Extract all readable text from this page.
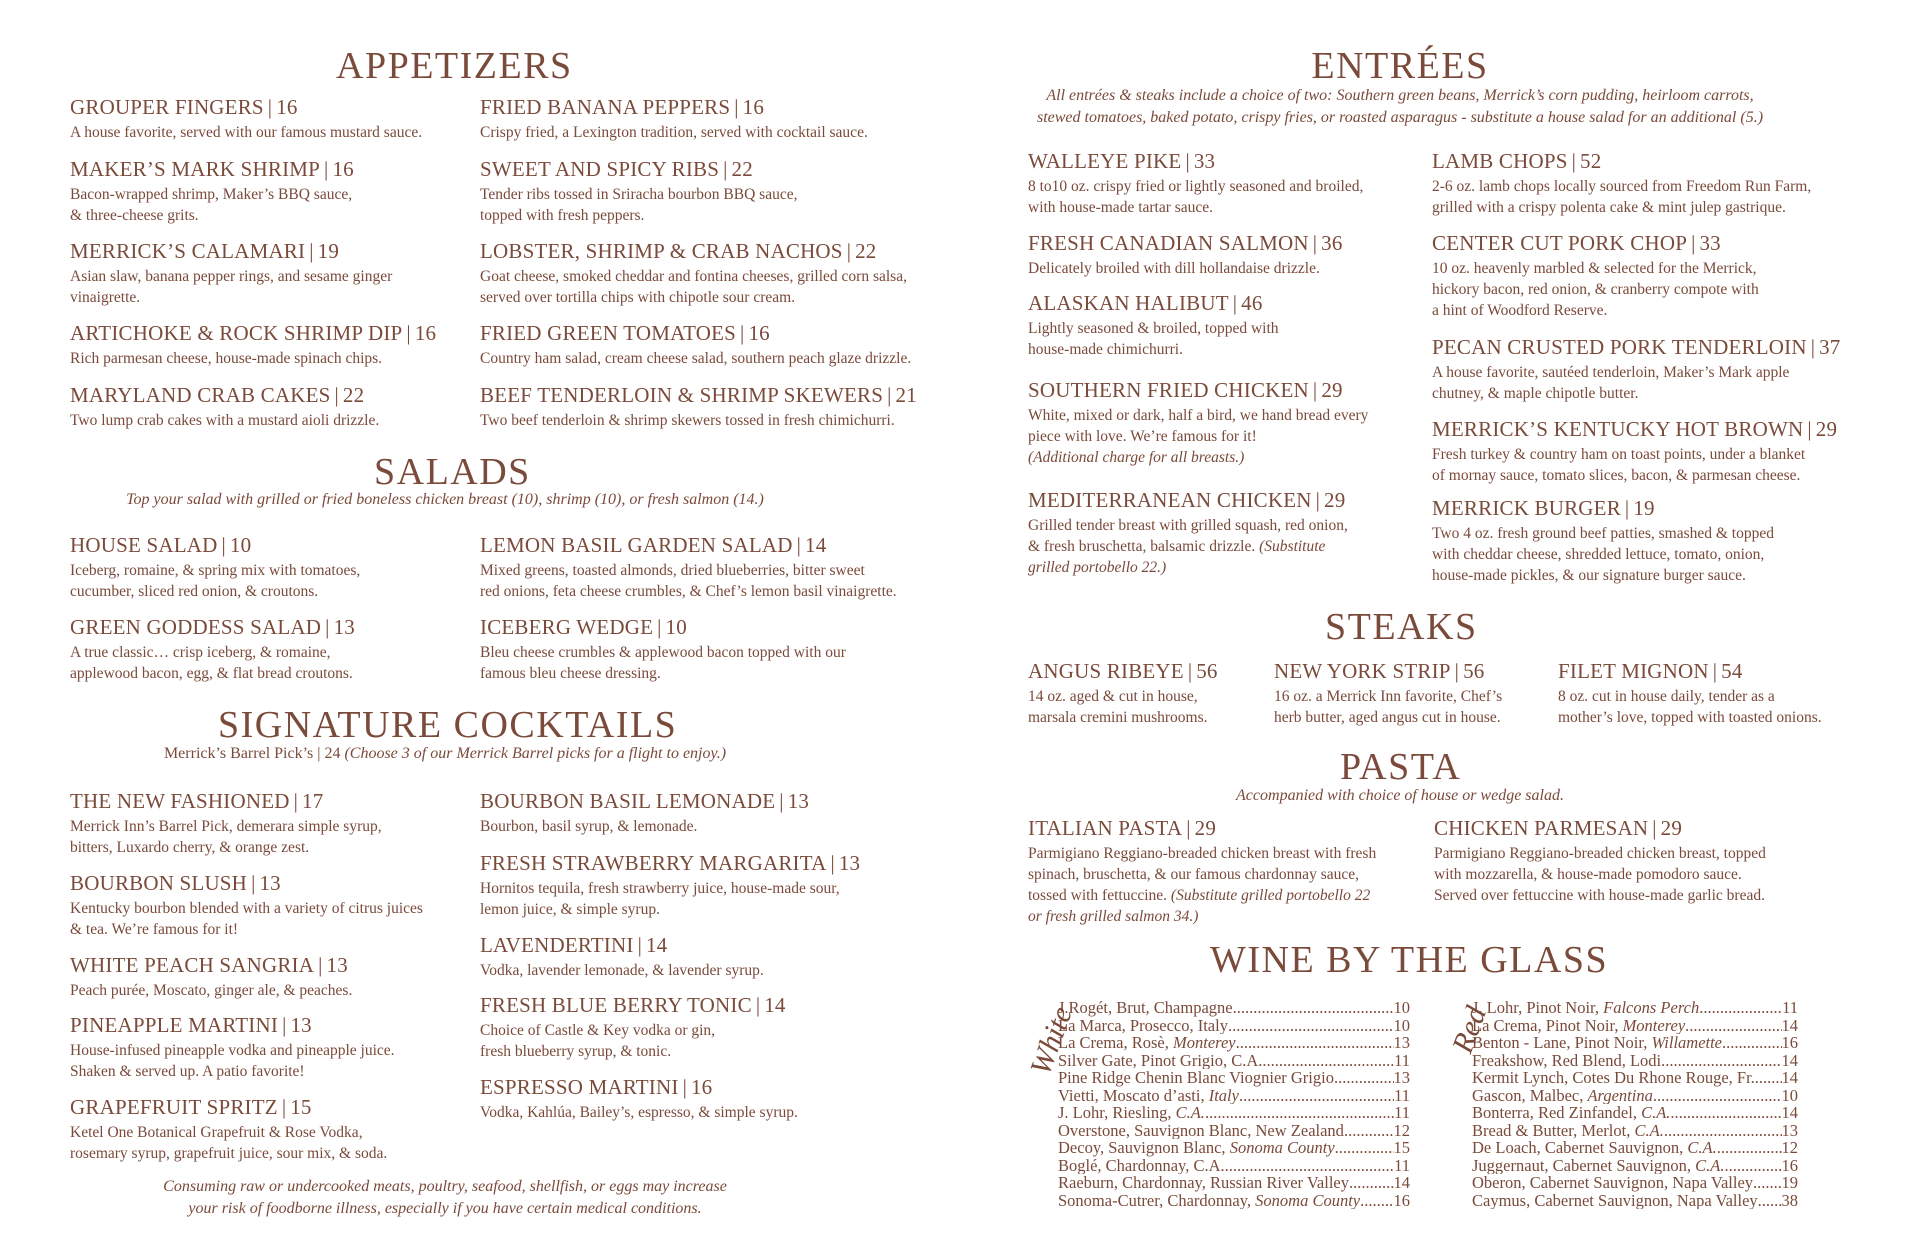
APPETIZERS
GROUPER FINGERS | 16
A house favorite, served with our famous mustard sauce.
MAKER’S MARK SHRIMP | 16
Bacon-wrapped shrimp, Maker’s BBQ sauce,
& three-cheese grits.
MERRICK’S CALAMARI | 19
Asian slaw, banana pepper rings, and sesame ginger
vinaigrette.
ARTICHOKE & ROCK SHRIMP DIP | 16
Rich parmesan cheese, house-made spinach chips.
MARYLAND CRAB CAKES | 22
Two lump crab cakes with a mustard aioli drizzle.
FRIED BANANA PEPPERS | 16
Crispy fried, a Lexington tradition, served with cocktail sauce.
SWEET AND SPICY RIBS | 22
Tender ribs tossed in Sriracha bourbon BBQ sauce,
topped with fresh peppers.
LOBSTER, SHRIMP & CRAB NACHOS | 22
Goat cheese, smoked cheddar and fontina cheeses, grilled corn salsa,
served over tortilla chips with chipotle sour cream.
FRIED GREEN TOMATOES | 16
Country ham salad, cream cheese salad, southern peach glaze drizzle.
BEEF TENDERLOIN & SHRIMP SKEWERS | 21
Two beef tenderloin & shrimp skewers tossed in fresh chimichurri.
SALADS
Top your salad with grilled or fried boneless chicken breast (10), shrimp (10), or fresh salmon (14.)
HOUSE SALAD | 10
Iceberg, romaine, & spring mix with tomatoes,
cucumber, sliced red onion, & croutons.
LEMON BASIL GARDEN SALAD | 14
Mixed greens, toasted almonds, dried blueberries, bitter sweet
red onions, feta cheese crumbles, & Chef’s lemon basil vinaigrette.
GREEN GODDESS SALAD | 13
A true classic… crisp iceberg, & romaine,
applewood bacon, egg, & flat bread croutons.
ICEBERG WEDGE | 10
Bleu cheese crumbles & applewood bacon topped with our
famous bleu cheese dressing.
SIGNATURE COCKTAILS
Merrick’s Barrel Pick’s | 24 (Choose 3 of our Merrick Barrel picks for a flight to enjoy.)
THE NEW FASHIONED | 17
Merrick Inn’s Barrel Pick, demerara simple syrup,
bitters, Luxardo cherry, & orange zest.
BOURBON SLUSH | 13
Kentucky bourbon blended with a variety of citrus juices
& tea. We’re famous for it!
WHITE PEACH SANGRIA | 13
Peach purée, Moscato, ginger ale, & peaches.
PINEAPPLE MARTINI | 13
House-infused pineapple vodka and pineapple juice.
Shaken & served up. A patio favorite!
GRAPEFRUIT SPRITZ | 15
Ketel One Botanical Grapefruit & Rose Vodka,
rosemary syrup, grapefruit juice, sour mix, & soda.
BOURBON BASIL LEMONADE | 13
Bourbon, basil syrup, & lemonade.
FRESH STRAWBERRY MARGARITA | 13
Hornitos tequila, fresh strawberry juice, house-made sour,
lemon juice, & simple syrup.
LAVENDERTINI | 14
Vodka, lavender lemonade, & lavender syrup.
FRESH BLUE BERRY TONIC | 14
Choice of Castle & Key vodka or gin,
fresh blueberry syrup, & tonic.
ESPRESSO MARTINI | 16
Vodka, Kahlúa, Bailey’s, espresso, & simple syrup.
Consuming raw or undercooked meats, poultry, seafood, shellfish, or eggs may increase
your risk of foodborne illness, especially if you have certain medical conditions.
ENTRÉES
All entrées & steaks include a choice of two: Southern green beans, Merrick’s corn pudding, heirloom carrots,
stewed tomatoes, baked potato, crispy fries, or roasted asparagus - substitute a house salad for an additional (5.)
WALLEYE PIKE | 33
8 to10 oz. crispy fried or lightly seasoned and broiled,
with house-made tartar sauce.
FRESH CANADIAN SALMON | 36
Delicately broiled with dill hollandaise drizzle.
ALASKAN HALIBUT | 46
Lightly seasoned & broiled, topped with
house-made chimichurri.
SOUTHERN FRIED CHICKEN | 29
White, mixed or dark, half a bird, we hand bread every
piece with love. We’re famous for it!
(Additional charge for all breasts.)
MEDITERRANEAN CHICKEN | 29
Grilled tender breast with grilled squash, red onion,
& fresh bruschetta, balsamic drizzle. (Substitute
grilled portobello 22.)
LAMB CHOPS | 52
2-6 oz. lamb chops locally sourced from Freedom Run Farm,
grilled with a crispy polenta cake & mint julep gastrique.
CENTER CUT PORK CHOP | 33
10 oz. heavenly marbled & selected for the Merrick,
hickory bacon, red onion, & cranberry compote with
a hint of Woodford Reserve.
PECAN CRUSTED PORK TENDERLOIN | 37
A house favorite, sautéed tenderloin, Maker’s Mark apple
chutney, & maple chipotle butter.
MERRICK’S KENTUCKY HOT BROWN | 29
Fresh turkey & country ham on toast points, under a blanket
of mornay sauce, tomato slices, bacon, & parmesan cheese.
MERRICK BURGER | 19
Two 4 oz. fresh ground beef patties, smashed & topped
with cheddar cheese, shredded lettuce, tomato, onion,
house-made pickles, & our signature burger sauce.
STEAKS
ANGUS RIBEYE | 56
14 oz. aged & cut in house,
marsala cremini mushrooms.
NEW YORK STRIP | 56
16 oz. a Merrick Inn favorite, Chef’s
herb butter, aged angus cut in house.
FILET MIGNON | 54
8 oz. cut in house daily, tender as a
mother’s love, topped with toasted onions.
PASTA
Accompanied with choice of house or wedge salad.
ITALIAN PASTA | 29
Parmigiano Reggiano-breaded chicken breast with fresh
spinach, bruschetta, & our famous chardonnay sauce,
tossed with fettuccine. (Substitute grilled portobello 22
or fresh grilled salmon 34.)
CHICKEN PARMESAN | 29
Parmigiano Reggiano-breaded chicken breast, topped
with mozzarella, & house-made pomodoro sauce.
Served over fettuccine with house-made garlic bread.
WINE BY THE GLASS
White
J.Rogét, Brut, Champagne .....	10
La Marca, Prosecco, Italy .....	10
La Crema, Rosè, Monterey .....	13
Silver Gate, Pinot Grigio, C.A. .....	11
Pine Ridge Chenin Blanc Viognier Grigio .....	13
Vietti, Moscato d’asti, Italy .....	11
J. Lohr, Riesling, C.A. .....	11
Overstone, Sauvignon Blanc, New Zealand .....	12
Decoy, Sauvignon Blanc, Sonoma County .....	15
Boglé, Chardonnay, C.A. .....	11
Raeburn, Chardonnay, Russian River Valley .....	14
Sonoma-Cutrer, Chardonnay, Sonoma County ..... 16
Red
J. Lohr, Pinot Noir, Falcons Perch .....	11
La Crema, Pinot Noir, Monterey .....	14
Benton - Lane, Pinot Noir, Willamette .....	16
Freakshow, Red Blend, Lodi .....	14
Kermit Lynch, Cotes Du Rhone Rouge, Fr. ..... 14
Gascon, Malbec, Argentina .....	10
Bonterra, Red Zinfandel, C.A. .....	14
Bread & Butter, Merlot, C.A. .....	13
De Loach, Cabernet Sauvignon, C.A. .....	12
Juggernaut, Cabernet Sauvignon, C.A. .....	16
Oberon, Cabernet Sauvignon, Napa Valley ..... 19
Caymus, Cabernet Sauvignon, Napa Valley ..... 38
